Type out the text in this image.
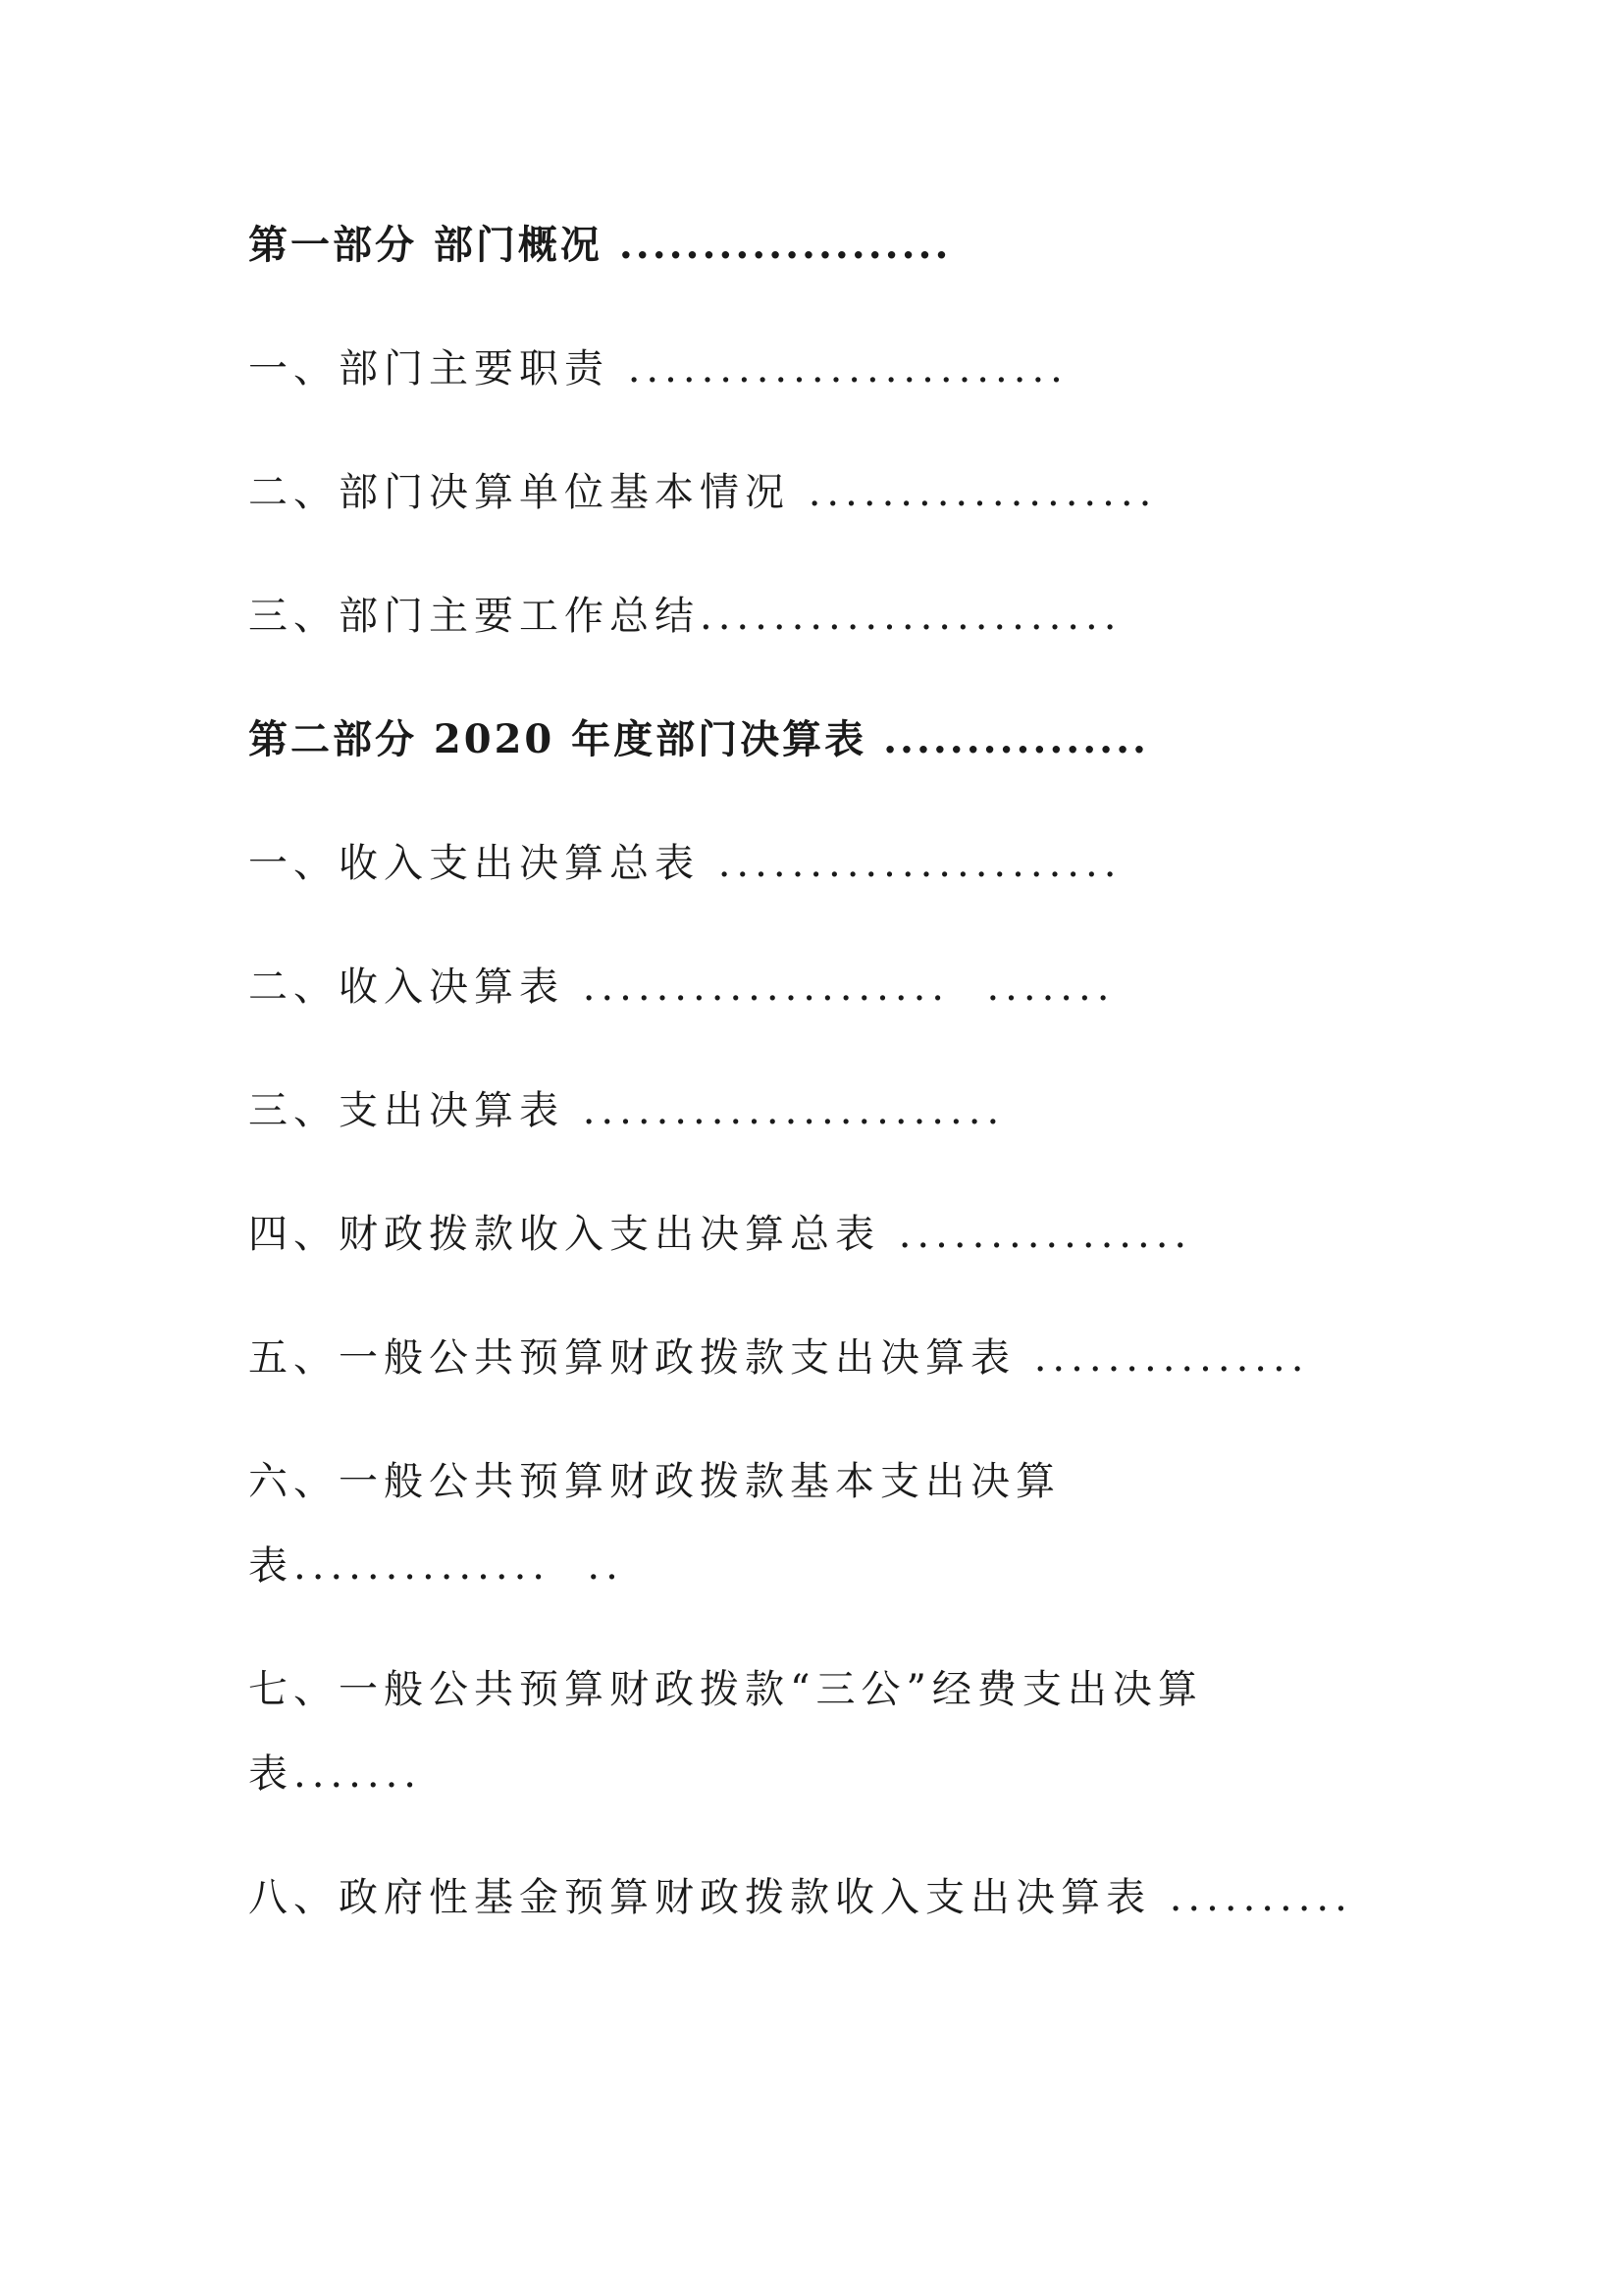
第一部分 部门概况 ....................
一、部门主要职责 ........................
二、部门决算单位基本情况 ...................
三、部门主要工作总结.......................
第二部分 2020 年度部门决算表 ................
一、收入支出决算总表 ......................
二、收入决算表 ....................  .......
三、支出决算表 .......................
四、财政拨款收入支出决算总表 ................
五、一般公共预算财政拨款支出决算表 ...............
六、一般公共预算财政拨款基本支出决算
表..............  ..
七、一般公共预算财政拨款“三公”经费支出决算
表.......
八、政府性基金预算财政拨款收入支出决算表 ..........
